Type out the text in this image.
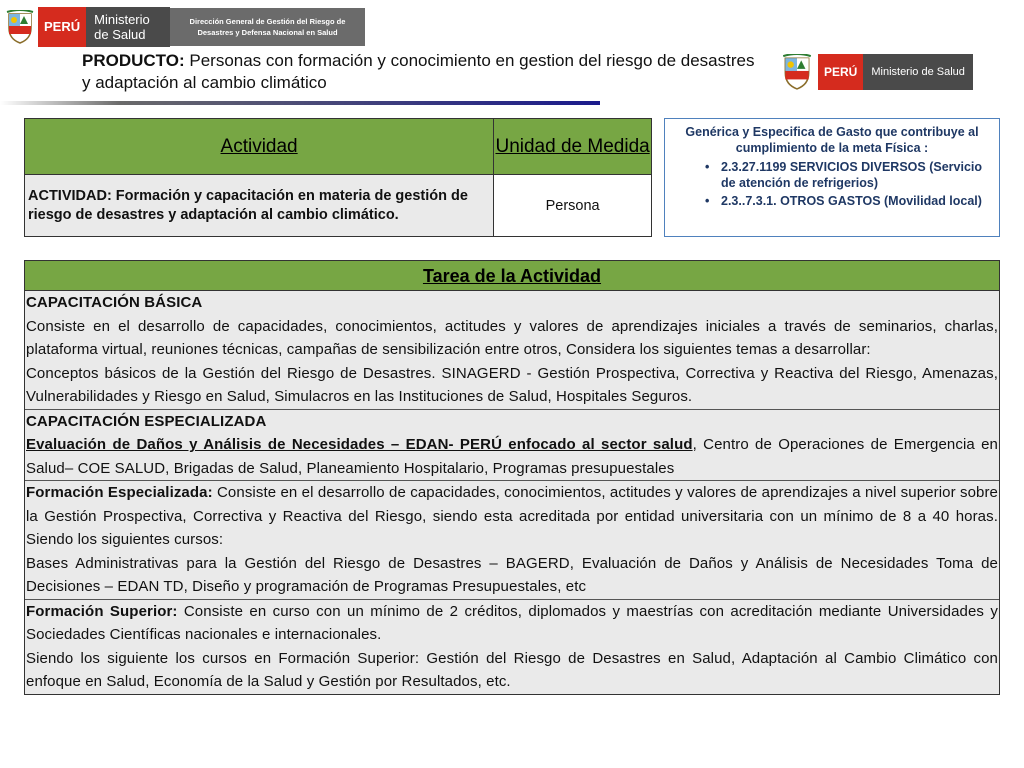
PERÚ	Ministerio de Salud
Dirección General de Gestión del Riesgo de Desastres y Defensa Nacional en Salud
PERÚ	Ministerio de Salud
PRODUCTO: Personas con formación y conocimiento en gestion del riesgo de desastres y adaptación al cambio climático
Actividad	Unidad de Medida
ACTIVIDAD: Formación y capacitación en materia de gestión de riesgo de desastres y adaptación al cambio climático.	Persona
Genérica y Especifica de Gasto que contribuye al cumplimiento de la meta Física :
• 2.3.27.1199 SERVICIOS DIVERSOS (Servicio de atención de refrigerios)
• 2.3..7.3.1. OTROS GASTOS (Movilidad local)
Tarea de la Actividad

CAPACITACIÓN BÁSICA

Consiste en el desarrollo de capacidades, conocimientos, actitudes y valores de aprendizajes iniciales a través de seminarios, charlas, plataforma virtual, reuniones técnicas, campañas de sensibilización entre otros, Considera los siguientes temas a desarrollar:

Conceptos básicos de la Gestión del Riesgo de Desastres. SINAGERD - Gestión Prospectiva, Correctiva y Reactiva del Riesgo, Amenazas, Vulnerabilidades y Riesgo en Salud, Simulacros en las Instituciones de Salud, Hospitales Seguros.

CAPACITACIÓN ESPECIALIZADA

Evaluación de Daños y Análisis de Necesidades – EDAN- PERÚ enfocado al sector salud, Centro de Operaciones de Emergencia en Salud– COE SALUD, Brigadas de Salud, Planeamiento Hospitalario, Programas presupuestales

Formación Especializada: Consiste en el desarrollo de capacidades, conocimientos, actitudes y valores de aprendizajes a nivel superior sobre la Gestión Prospectiva, Correctiva y Reactiva del Riesgo, siendo esta acreditada por entidad universitaria con un mínimo de 8 a 40 horas. Siendo los siguientes cursos:

Bases Administrativas para la Gestión del Riesgo de Desastres – BAGERD, Evaluación de Daños y Análisis de Necesidades Toma de Decisiones – EDAN TD, Diseño y programación de Programas Presupuestales, etc

Formación Superior: Consiste en curso con un mínimo de 2 créditos, diplomados y maestrías con acreditación mediante Universidades y Sociedades Científicas nacionales e internacionales.

Siendo los siguiente los cursos en Formación Superior: Gestión del Riesgo de Desastres en Salud, Adaptación al Cambio Climático con enfoque en Salud, Economía de la Salud y Gestión por Resultados, etc.
